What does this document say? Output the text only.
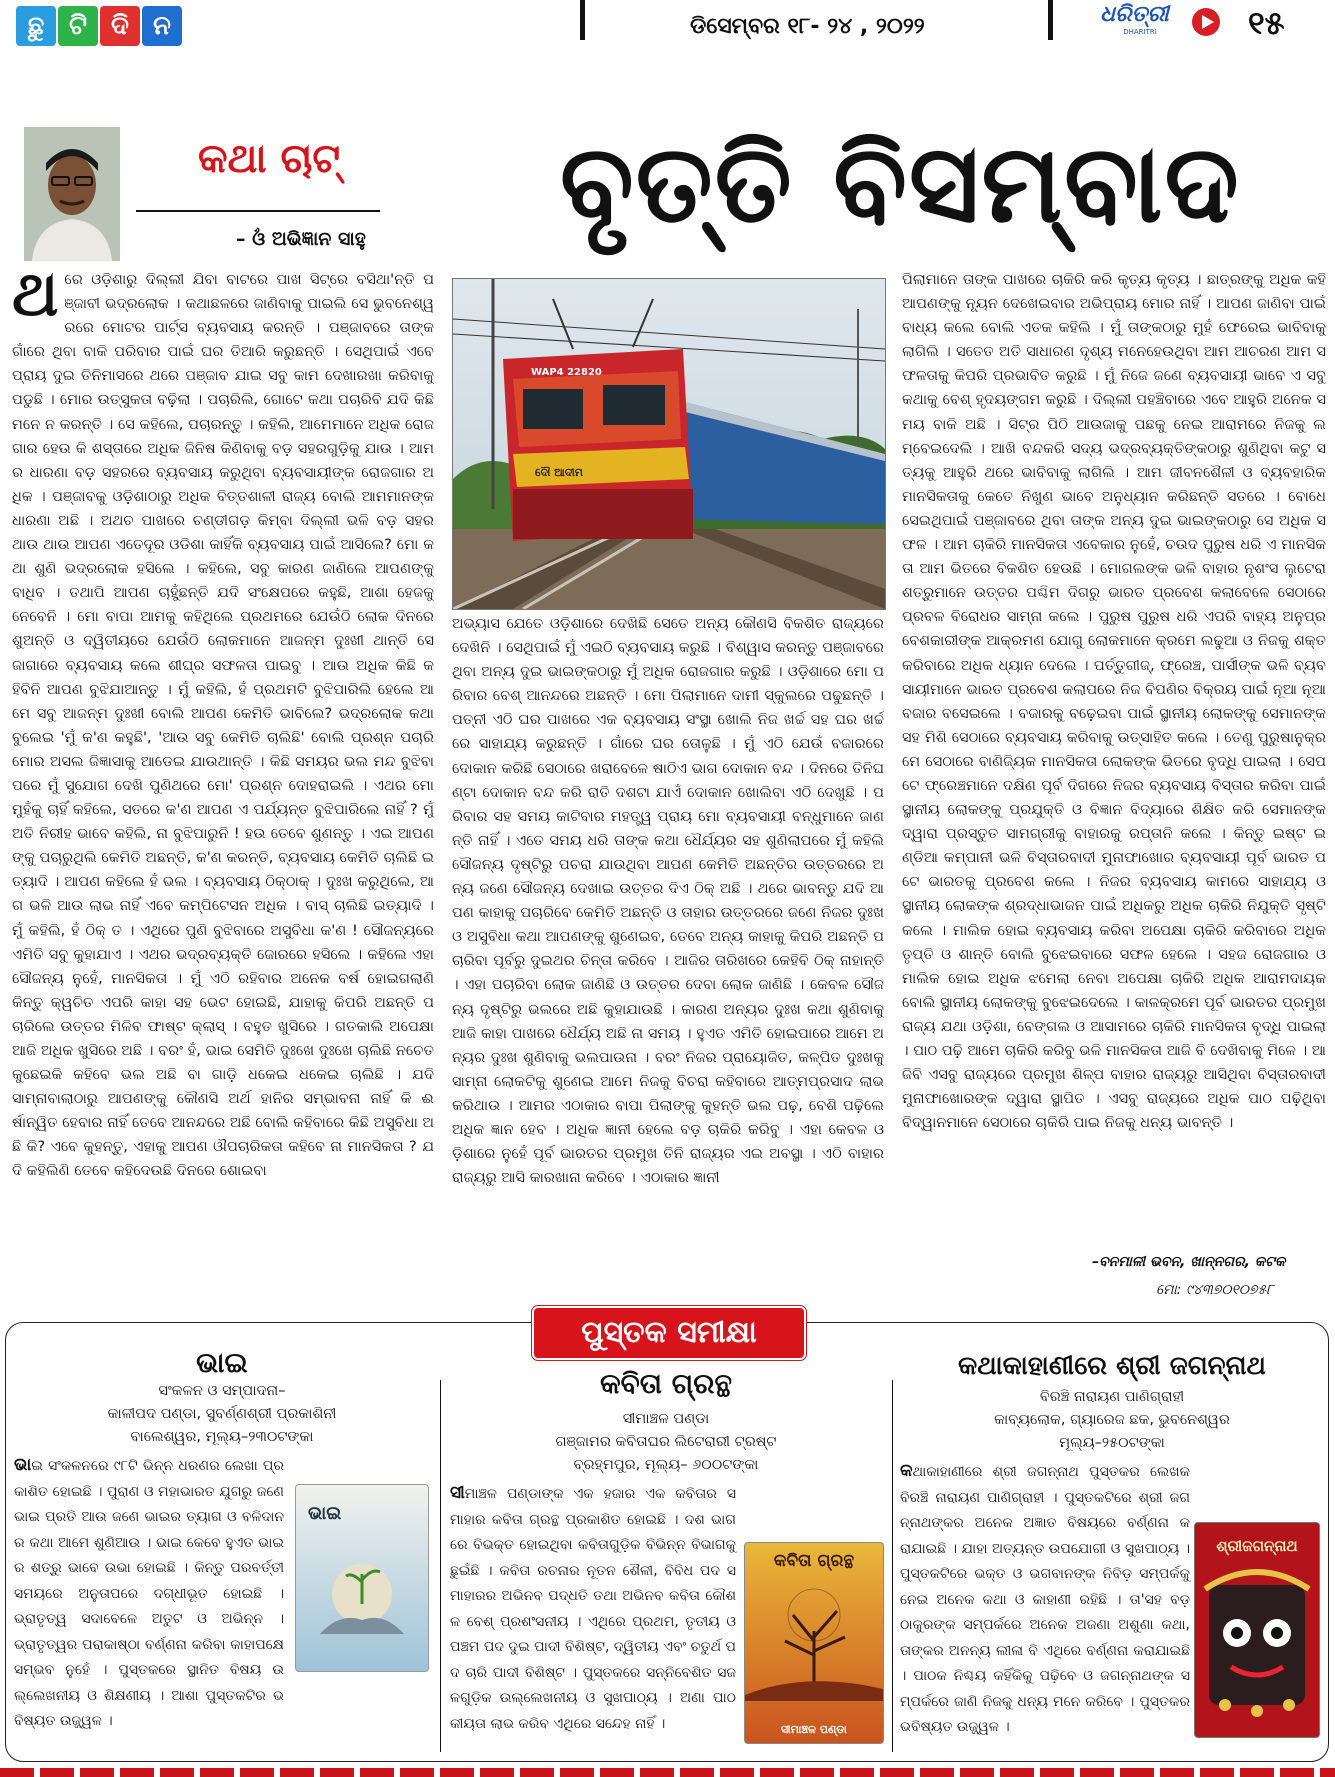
ଛୁ ଟି ଦି ନ	ଡିସେମ୍ବର ୧୮- ୨୪ , ୨୦୨୨	ଧରିତ୍ରୀ
DHARITRI	୧୫
କଥା ଚାଟ୍
– ଓଁ ଅଭିଜ୍ଞାନ ସାହୁ ବୃତ୍ତି ବିସମ୍ବାଦ
WAP4 22820
ଦୌ ଆଦୀମ

ଥରେ ଓଡ଼ିଶାରୁ ଦିଲ୍ଲୀ ଯିବା ବାଟରେ ପାଖ ସିଟ୍‌ରେ ବସିଥା'ନ୍ତି ପଞ୍ଜାବୀ ଭଦ୍ରଲୋକ । କଥାଛଳରେ ଜାଣିବାକୁ ପାଇଲି ସେ ଭୁବନେଶ୍ୱରରେ ମୋଟର ପାର୍ଟ୍ସ ବ୍ୟବସାୟ କରନ୍ତି । ପଞ୍ଜାବରେ ତାଙ୍କ ଗାଁରେ ଥିବା ବାକି ପରିବାର ପାଇଁ ଘର ତିଆରି କରୁଛନ୍ତି । ସେଥିପାଇଁ ଏବେ ପ୍ରାୟ ଦୁଇ ତିନିମାସରେ ଥରେ ପଞ୍ଜାବ ଯାଇ ସବୁ କାମ ଦେଖାରଖା କରିବାକୁ ପଡୁଛି । ମୋର ଉତ୍ସୁକତା ବଢ଼ିଲା । ପଚାରିଲି, ଗୋଟେ କଥା ପଚାରିବି ଯଦି କିଛି ମନେ ନ କରନ୍ତି । ସେ କହିଲେ, ପଚାରନ୍ତୁ । କହିଲି, ଆମେମାନେ ଅଧିକ ରୋଜଗାର ହେଉ କି ଶସ୍ତାରେ ଅଧିକ ଜିନିଷ କିଣିବାକୁ ବଡ଼ ସହରଗୁଡ଼ିକୁ ଯାଉ । ଆମର ଧାରଣା ବଡ଼ ସହରରେ ବ୍ୟବସାୟ କରୁଥିବା ବ୍ୟବସାୟୀଙ୍କ ରୋଜଗାର ଅଧିକ । ପଞ୍ଜାବକୁ ଓଡ଼ିଶାଠାରୁ ଅଧିକ ବିତ୍ତଶାଳୀ ରାଜ୍ୟ ବୋଲି ଆମମାନଙ୍କ ଧାରଣା ଅଛି । ଅଥଚ ପାଖରେ ଚଣ୍ଡୀଗଡ଼ କିମ୍ବା ଦିଲ୍ଲୀ ଭଳି ବଡ଼ ସହର ଥାଉ ଥାଉ ଆପଣ ଏତେଦୂର ଓଡିଶା କାହିଁକି ବ୍ୟବସାୟ ପାଇଁ ଆସିଲେ? ମୋ କଥା ଶୁଣି ଭଦ୍ରଲୋକ ହସିଲେ । କହିଲେ, ସବୁ କାରଣ ଜାଣିଲେ ଆପଣଙ୍କୁ ବାଧିବ । ତଥାପି ଆପଣ ଚାହୁଁଛନ୍ତି ଯଦି ସଂକ୍ଷେପରେ କହୁଛି, ଆଶା ହେଜକୁ ନେବେନି । ମୋ ବାପା ଆମକୁ କହିଥିଲେ ପ୍ରଥମରେ ଯେଉଁଠି ଲୋକ ଦିନରେ ଶୁଅନ୍ତି ଓ ଦ୍ୱିତୀୟରେ ଯେଉଁଠି ଲୋକମାନେ ଆଜନ୍ମ ଦୁଃଖୀ ଥାନ୍ତି ସେ ଜାଗାରେ ବ୍ୟବସାୟ କଲେ ଶୀଘ୍ର ସଫଳତା ପାଇବୁ । ଆଉ ଅଧିକ କିଛି କହିବିନି ଆପଣ ବୁଝିଯାଆନ୍ତୁ । ମୁଁ କହିଲି, ହଁ ପ୍ରଥମଟି ବୁଝିପାରିଲି ହେଲେ ଆମେ ସବୁ ଆଜନ୍ମ ଦୁଃଖୀ ବୋଲି ଆପଣ କେମିତି ଭାବିଲେ? ଭଦ୍ରଲୋକ କଥା ବୁଲେଇ 'ମୁଁ କ'ଣ କହୁଛି', 'ଆଉ ସବୁ କେମିତି ଚାଲିଛି' ବୋଲି ପ୍ରଶ୍ନ ପଚାରି ମୋର ଅସଲ ଜିଜ୍ଞାସାକୁ ଆଡେଇ ଯାଉଥାନ୍ତି । କିଛି ସମୟର ଭଲ ମନ୍ଦ ବୁଝିବା ପରେ ମୁଁ ସୁଯୋଗ ଦେଖି ପୁଣିଥରେ ମୋ' ପ୍ରଶ୍ନ ଦୋହରାଇଲି । ଏଥର ମୋ ମୁହଁକୁ ଚାହିଁ କହିଲେ, ସତରେ କ'ଣ ଆପଣ ଏ ପର୍ଯ୍ୟନ୍ତ ବୁଝିପାରିଲେ ନାହିଁ ? ମୁଁ ଅତି ନିରୀହ ଭାବେ କହିଲି, ନା ବୁଝିପାରୁନି ! ହଉ ତେବେ ଶୁଣନ୍ତୁ । ଏଇ ଆପଣଙ୍କୁ ପଚାରୁଥିଲି କେମିତି ଅଛନ୍ତି, କ'ଣ କରନ୍ତି, ବ୍ୟବସାୟ କେମିତି ଚାଲିଛି ଇତ୍ୟାଦି । ଆପଣ କହିଲେ ହଁ ଭଲ । ବ୍ୟବସାୟ ଠିକ୍‌ଠାକ୍ । ଦୁଃଖ କରୁଥିଲେ, ଆଗ ଭଳି ଆଉ ଲାଭ ନାହିଁ ଏବେ କମ୍ପିଟେସନ ଅଧିକ । ବାସ୍ ଚାଲିଛି ଇତ୍ୟାଦି । ମୁଁ କହିଲି, ହଁ ଠିକ୍ ତ । ଏଥିରେ ପୁଣି ବୁଝିବାରେ ଅସୁବିଧା କ'ଣ ! ସୌଜନ୍ୟରେ ଏମିତି ସବୁ କୁହାଯାଏ । ଏଥର ଭଦ୍ରବ୍ୟକ୍ତି ଜୋରରେ ହସିଲେ । କହିଲେ ଏହା ସୌଜନ୍ୟ ନୁହେଁ, ମାନସିକତା । ମୁଁ ଏଠି ରହିବାର ଅନେକ ବର୍ଷ ହୋଇଗଲାଣି କିନ୍ତୁ କ୍ୱଚିତ ଏପରି କାହା ସହ ଭେଟ ହୋଇଛି, ଯାହାକୁ କିପରି ଅଛନ୍ତି ପଚାରିଲେ ଉତ୍ତର ମିଳିବ ଫାଷ୍ଟ କ୍ଲାସ୍ । ବହୁତ ଖୁସିରେ । ଗତକାଲି ଅପେକ୍ଷା ଆଜି ଅଧିକ ଖୁସିରେ ଅଛି । ବରଂ ହଁ, ଭାଇ ସେମିତି ଦୁଃଖେ ଦୁଃଖେ ଚାଲିଛି ନଚେତ କୁଛେଇକି କହିବେ ଭଲ ଅଛି ବା ଗାଡ଼ି ଧକେଇ ଧକେଇ ଚାଲିଛି । ଯଦି ସାମ୍ନାବାଲାଠାରୁ ଆପଣଙ୍କୁ କୌଣସି ଅର୍ଥ ହାନିର ସମ୍ଭାବନା ନାହିଁ କି ଈର୍ଷାନ୍ୱିତ ହେବାର ନାହିଁ ତେବେ ଆନନ୍ଦରେ ଅଛି ବୋଲି କହିବାରେ କିଛି ଅସୁବିଧା ଅଛି କି? ଏବେ କୁହନ୍ତୁ, ଏହାକୁ ଆପଣ ଔପଚାରିକତା କହିବେ ନା ମାନସିକତା ? ଯଦି କହିଲିଣି ତେବେ କହିଦେଉଛି ଦିନରେ ଶୋଇବା

ଅଭ୍ୟାସ ଯେତେ ଓଡ଼ିଶାରେ ଦେଖିଛି ସେତେ ଅନ୍ୟ କୌଣସି ବିକଶିତ ରାଜ୍ୟରେ ଦେଖିନି । ସେଥିପାଇଁ ମୁଁ ଏଇଠି ବ୍ୟବସାୟ କରୁଛି । ବିଶ୍ୱାସ କରନ୍ତୁ ପଞ୍ଜାବରେ ଥିବା ଅନ୍ୟ ଦୁଇ ଭାଇଙ୍କଠାରୁ ମୁଁ ଅଧିକ ରୋଜଗାର କରୁଛି । ଓଡ଼ିଶାରେ ମୋ ପରିବାର ବେଶ୍ ଆନନ୍ଦରେ ଅଛନ୍ତି । ମୋ ପିଲାମାନେ ଦାମୀ ସ୍କୁଲରେ ପଢୁଛନ୍ତି । ପତ୍ନୀ ଏଠି ଘର ପାଖରେ ଏକ ବ୍ୟବସାୟ ସଂସ୍ଥା ଖୋଲି ନିଜ ଖର୍ଚ୍ଚ ସହ ଘର ଖର୍ଚ୍ଚରେ ସାହାଯ୍ୟ କରୁଛନ୍ତି । ଗାଁରେ ଘର ତୋଳୁଛି । ମୁଁ ଏଠି ଯେଉଁ ବଜାରରେ ଦୋକାନ କରିଛି ସେଠାରେ ଖରାବେଳେ ଷାଠିଏ ଭାଗ ଦୋକାନ ବନ୍ଦ । ଦିନରେ ତିନିଘଣ୍ଟା ଦୋକାନ ବନ୍ଦ କରି ରାତି ଦଶଟା ଯାଏଁ ଦୋକାନ ଖୋଲିବା ଏଠି ଦେଖୁଛି । ପରିବାର ସହ ସମୟ କାଟିବାର ମହତ୍ତ୍ୱ ପ୍ରାୟ ମୋ ବ୍ୟବସାୟୀ ବନ୍ଧୁମାନେ ଜାଣନ୍ତି ନାହିଁ । ଏତେ ସମୟ ଧରି ତାଙ୍କ କଥା ଧୈର୍ଯ୍ୟର ସହ ଶୁଣିଲାପରେ ମୁଁ କହିଲି ସୌଜନ୍ୟ ଦୃଷ୍ଟିରୁ ପଚରା ଯାଉଥିବା ଆପଣ କେମିତି ଅଛନ୍ତିର ଉତ୍ତରରେ ଅନ୍ୟ ଜଣେ ସୌଜନ୍ୟ ଦେଖାଇ ଉତ୍ତର ଦିଏ ଠିକ୍ ଅଛି । ଥରେ ଭାବନ୍ତୁ ଯଦି ଆପଣ କାହାକୁ ପଚାରିବେ କେମିତି ଅଛନ୍ତି ଓ ତାହାର ଉତ୍ତରରେ ଜଣେ ନିଜର ଦୁଃଖ ଓ ଅସୁବିଧା କଥା ଆପଣଙ୍କୁ ଶୁଣେଇବ, ତେବେ ଅନ୍ୟ କାହାକୁ କିପରି ଅଛନ୍ତି ପଚାରିବା ପୂର୍ବରୁ ଦୁଇଥର ଚିନ୍ତା କରିବେ । ଆଜିର ତାରିଖରେ କେହିବି ଠିକ୍ ନାହାନ୍ତି । ଏହା ପଚାରିବା ଲୋକ ଜାଣିଛି ଓ ଉତ୍ତର ଦେବା ଲୋକ ଜାଣିଛି । କେବଳ ସୌଜନ୍ୟ ଦୃଷ୍ଟିରୁ ଭଲରେ ଅଛି କୁହାଯାଉଛି । କାରଣ ଅନ୍ୟର ଦୁଃଖ କଥା ଶୁଣିବାକୁ ଆଜି କାହା ପାଖରେ ଧୈର୍ଯ୍ୟ ଅଛି ନା ସମୟ । ହୁଏତ ଏମିତି ହୋଇପାରେ ଆମେ ଅନ୍ୟର ଦୁଃଖ ଶୁଣିବାକୁ ଭଲପାଉନା । ବରଂ ନିଜର ପ୍ରାୟୋଜିତ, କଳ୍ପିତ ଦୁଃଖକୁ ସାମ୍ନା ଲୋକଟିକୁ ଶୁଣେଇ ଆମେ ନିଜକୁ ବିଚରା କହିବାରେ ଆତ୍ମପ୍ରସାଦ ଲାଭ କରିଥାଉ । ଆମର ଏଠାକାର ବାପା ପିଲାଙ୍କୁ କୁହନ୍ତି ଭଲ ପଢ଼, ବେଶି ପଢ଼ିଲେ ଅଧିକ ଜ୍ଞାନ ହେବ । ଅଧିକ ଜ୍ଞାନୀ ହେଲେ ବଡ଼ ଚାକିରି କରିବୁ । ଏହା କେବଳ ଓଡ଼ିଶାରେ ନୁହେଁ ପୂର୍ବ ଭାରତର ପ୍ରମୁଖ ତିନି ରାଜ୍ୟର ଏଇ ଅବସ୍ଥା । ଏଠି ବାହାର ରାଜ୍ୟରୁ ଆସି କାରଖାନା କରିବେ । ଏଠାକାର ଜ୍ଞାନୀ

ପିଲାମାନେ ତାଙ୍କ ପାଖରେ ଚାକିରି କରି କୃତ୍ୟ କୃତ୍ୟ । ଛାତ୍ରଙ୍କୁ ଅଧିକ କହି ଆପଣଙ୍କୁ ନ୍ୟୂନ ଦେଖେଇବାର ଅଭିପ୍ରାୟ ମୋର ନାହିଁ । ଆପଣ ଜାଣିବା ପାଇଁ ବାଧ୍ୟ କଲେ ବୋଲି ଏତକ କହିଲି । ମୁଁ ତାଙ୍କଠାରୁ ମୁହଁ ଫେରେଇ ଭାବିବାକୁ ଲାଗିଲି । ସତେତ ଅତି ସାଧାରଣ ଦୃଶ୍ୟ ମନେହେଉଥିବା ଆମ ଆଚରଣ ଆମ ସଫଳତାକୁ କିପରି ପ୍ରଭାବିତ କରୁଛି । ମୁଁ ନିଜେ ଜଣେ ବ୍ୟବସାୟୀ ଭାବେ ଏ ସବୁ କଥାକୁ ବେଶ୍ ହୃଦୟଙ୍ଗମ କରୁଛି । ଦିଲ୍ଲୀ ପହଞ୍ଚିବାରେ ଏବେ ଆହୁରି ଅନେକ ସମୟ ବାକି ଅଛି । ସିଟ୍‌ର ପିଠି ଆଉଜାକୁ ପଛକୁ ନେଇ ଆରାମରେ ନିଜକୁ ଲମ୍ବେଇଦେଲି । ଆଖି ବନ୍ଦକରି ସଦ୍ୟ ଭଦ୍ରବ୍ୟକ୍ତିଙ୍କଠାରୁ ଶୁଣିଥିବା କଟୁ ସତ୍ୟକୁ ଆହୁରି ଥରେ ଭାବିବାକୁ ଲାଗିଲି । ଆମ ଜୀବନଶୈଳୀ ଓ ବ୍ୟବହାରିକ ମାନସିକତାକୁ କେତେ ନିଖୁଣ ଭାବେ ଅନୁଧ୍ୟାନ କରିଛନ୍ତି ସତରେ । ବୋଧେ ସେଇଥିପାଇଁ ପଞ୍ଜାବରେ ଥିବା ତାଙ୍କ ଅନ୍ୟ ଦୁଇ ଭାଇଙ୍କଠାରୁ ସେ ଅଧିକ ସଫଳ । ଆମ ଚାକିରି ମାନସିକତା ଏବେକାର ନୁହେଁ, ଚଉଦ ପୁରୁଷ ଧରି ଏ ମାନସିକତା ଆମ ଭିତରେ ବିକଶିତ ହେଉଛି । ମୋଗଲଙ୍କ ଭଳି ବାହାର ନୃଶଂସ ଲୁଟେରା ଶତ୍ରୁମାନେ ଉତ୍ତର ପଶ୍ଚିମ ଦିଗରୁ ଭାରତ ପ୍ରବେଶ କଲାବେଳେ ସେଠାରେ ପ୍ରବଳ ବିରୋଧର ସାମ୍ନା କଲେ । ପୁରୁଷ ପୁରୁଷ ଧରି ଏପରି ବାହ୍ୟ ଅନୁପ୍ରବେଶକାରୀଙ୍କ ଆକ୍ରମଣ ଯୋଗୁ ଲୋକମାନେ କ୍ରମେ ଲଢୁଆ ଓ ନିଜକୁ ଶକ୍ତ କରିବାରେ ଅଧିକ ଧ୍ୟାନ ଦେଲେ । ପର୍ତ୍ତୁଗୀଜ୍, ଫ୍ରେଞ୍ଚ, ପାର୍ସୀଙ୍କ ଭଳି ବ୍ୟବସାୟୀମାନେ ଭାରତ ପ୍ରବେଶ କଲାପରେ ନିଜ ବିପଣିର ବିକ୍ରୟ ପାଇଁ ନୂଆ ନୂଆ ବଜାର ବସେଇଲେ । ବଜାରକୁ ବଢ଼େଇବା ପାଇଁ ସ୍ଥାନୀୟ ଲୋକଙ୍କୁ ସେମାନଙ୍କ ସହ ମିଶି ସେଠାରେ ବ୍ୟବସାୟ କରିବାକୁ ଉତ୍ସାହିତ କଲେ । ତେଣୁ ପୁରୁଷାନୁକ୍ରମେ ସେଠାରେ ବାଣିଜ୍ୟିକ ମାନସିକତା ଲୋକଙ୍କ ଭିତରେ ବୃଦ୍ଧି ପାଇଲା । ସେପଟେ ଫ୍ରେଞ୍ଚମାନେ ଦକ୍ଷିଣ ପୂର୍ବ ଦିଗରେ ନିଜର ବ୍ୟବସାୟ ବିସ୍ତାର କରିବା ପାଇଁ ସ୍ଥାନୀୟ ଲୋକଙ୍କୁ ପ୍ରଯୁକ୍ତି ଓ ବିଜ୍ଞାନ ବିଦ୍ୟାରେ ଶିକ୍ଷିତ କରି ସେମାନଙ୍କ ଦ୍ୱାରା ପ୍ରସ୍ତୁତ ସାମଗ୍ରୀକୁ ବାହାରକୁ ରପ୍ତାନି କଲେ । କିନ୍ତୁ ଇଷ୍ଟ ଇଣ୍ଡିଆ କମ୍ପାନୀ ଭଳି ବିସ୍ତାରବାଦୀ ମୁନାଫାଖୋର ବ୍ୟବସାୟୀ ପୂର୍ବ ଭାରତ ପଟେ ଭାରତକୁ ପ୍ରବେଶ କଲେ । ନିଜର ବ୍ୟବସାୟ କାମରେ ସାହାଯ୍ୟ ଓ ସ୍ଥାନୀୟ ଲୋକଙ୍କ ଶ୍ରଦ୍ଧାଭାଜନ ପାଇଁ ଅଧିକରୁ ଅଧିକ ଚାକିରି ନିଯୁକ୍ତି ସୃଷ୍ଟି କଲେ । ମାଲିକ ହୋଇ ବ୍ୟବସାୟ କରିବା ଅପେକ୍ଷା ଚାକିରି କରିବାରେ ଅଧିକ ତୃପ୍ତି ଓ ଶାନ୍ତି ବୋଲି ବୁଝେଇବାରେ ସଫଳ ହେଲେ । ସହଜ ରୋଜଗାର ଓ ମାଲିକ ହୋଇ ଅଧିକ ଝମେଲା ନେବା ଅପେକ୍ଷା ଚାକିରି ଅଧିକ ଆରାମଦାୟକ ବୋଲି ସ୍ଥାନୀୟ ଲୋକଙ୍କୁ ବୁଝେଇଦେଲେ । କାଳକ୍ରମେ ପୂର୍ବ ଭାରତର ପ୍ରମୁଖ ରାଜ୍ୟ ଯଥା ଓଡ଼ିଶା, ବେଙ୍ଗଲ ଓ ଆସାମରେ ଚାକିରି ମାନସିକତା ବୃଦ୍ଧି ପାଇଲା । ପାଠ ପଢ଼ି ଆମେ ଚାକିରି କରିବୁ ଭଳି ମାନସିକତା ଆଜି ବି ଦେଖିବାକୁ ମିଳେ । ଆଜିବି ଏସବୁ ରାଜ୍ୟରେ ପ୍ରମୁଖ ଶିଳ୍ପ ବାହାର ରାଜ୍ୟରୁ ଆସିଥିବା ବିସ୍ତାରବାଦୀ ମୁନାଫାଖୋରଙ୍କ ଦ୍ୱାରା ସ୍ଥାପିତ । ଏସବୁ ରାଜ୍ୟରେ ଅଧିକ ପାଠ ପଢ଼ିଥିବା ବିଦ୍ୱାନମାନେ ସେଠାରେ ଚାକିରି ପାଇ ନିଜକୁ ଧନ୍ୟ ଭାବନ୍ତି ।

–ବନମାଳୀ ଭବନ, ଖାନ୍‌ନଗର, କଟକ
ମୋ: ୯୪୩୭୦୧୦୭୫୮
ପୁସ୍ତକ ସମୀକ୍ଷା

ଭାଇ

ସଂକଳନ ଓ ସମ୍ପାଦନା–

କାଳୀପଦ ପଣ୍ଡା, ସୁବର୍ଣ୍ଣଶ୍ରୀ ପ୍ରକାଶିନୀ

ବାଲେଶ୍ୱର, ମୂଲ୍ୟ–୨୩୦ଟଙ୍କା

ଭାଇ ସଂକଳନରେ ୯୮ଟି ଭିନ୍ନ ଧରଣର ଲେଖା ପ୍ରକାଶିତ ହୋଇଛି । ପୁରାଣ ଓ ମହାଭାରତ ଯୁଗରୁ ଜଣେ ଭାଇ ପ୍ରତି ଆଉ ଜଣେ ଭାଇର ତ୍ୟାଗ ଓ ବଳିଦାନର କଥା ଆମେ ଶୁଣିଆଉ । ଭାଇ କେବେ ହୁଏତ ଭାଇର ଶତ୍ରୁ ଭାବେ ଉଭା ହୋଇଛି । କିନ୍ତୁ ପରବର୍ତ୍ତୀ ସମୟରେ ଅନୁତାପରେ ଦଗ୍ଧୀଭୂତ ହୋଇଛି । ଭ୍ରାତୃତ୍ୱ ସଦାବେଳେ ଅତୁଟ ଓ ଅଭିନ୍ନ । ଭ୍ରାତୃତ୍ୱର ପରାକାଷ୍ଠା ବର୍ଣ୍ଣନା କରିବା କାହାପକ୍ଷେ ସମ୍ଭବ ନୁହେଁ । ପୁସ୍ତକରେ ସ୍ଥାନିତ ବିଷୟ ଉଲ୍ଲେଖନୀୟ ଓ ଶିକ୍ଷଣୀୟ । ଆଶା ପୁସ୍ତକଟିର ଭବିଷ୍ୟତ ଉଜ୍ଜ୍ୱଳ ।

ଭାଇ

କବିତା ଗ୍ରନ୍ଥ

ସୀମାଞ୍ଚଳ ପଣ୍ଡା

ଗଞ୍ଜାମର କବିତାଘର ଲିଟେରାରୀ ଟ୍ରଷ୍ଟ

ବ୍ରହ୍ମପୁର, ମୂଲ୍ୟ– ୬୦୦ଟଙ୍କା

ସୀମାଞ୍ଚଳ ପଣ୍ଡାଙ୍କ ଏକ ହଜାର ଏକ କବିତାର ସମାହାର କବିତା ଗ୍ରନ୍ଥ ପ୍ରକାଶିତ ହୋଇଛି । ଦଶ ଭାଗରେ ବିଭକ୍ତ ହୋଇଥିବା କବିତାଗୁଡ଼ିକ ବିଭିନ୍ନ ବିଭାଗକୁ ଛୁଇଁଛି । କବିତା ରଚନାର ନୂତନ ଶୈଳୀ, ବିବିଧ ପଦ ସମାହାରର ଅଭିନବ ପଦ୍ଧତି ତଥା ଅଭିନବ କବିତା କୌଶଳ ବେଶ୍ ପ୍ରଶଂସନୀୟ । ଏଥିରେ ପ୍ରଥମ, ତୃତୀୟ ଓ ପଞ୍ଚମ ପଦ ଦୁଇ ପାଦୀ ବିଶିଷ୍ଟ, ଦ୍ୱିତୀୟ ଏବଂ ଚତୁର୍ଥ ପଦ ଚାରି ପାଦୀ ବିଶିଷ୍ଟ । ପୁସ୍ତକରେ ସନ୍ନିବେଶିତ ସଜଳଗୁଡ଼ିକ ଉଲ୍ଲେଖନୀୟ ଓ ସୁଖପାଠ୍ୟ । ଅଣା ପାଠକୀୟତା ଲାଭ କରିବ ଏଥିରେ ସନ୍ଦେହ ନାହିଁ ।

କବିତା ଗ୍ରନ୍ଥ
ସୀମାଞ୍ଚଳ ପଣ୍ଡା

କଥାକାହାଣୀରେ ଶ୍ରୀ ଜଗନ୍ନାଥ

ବିରଞ୍ଚି ନାରାୟଣ ପାଣିଗ୍ରାହୀ

କାବ୍ୟଲୋକ, ଗ୍ୟାରେଜ ଛକ, ଭୁବନେଶ୍ୱର

ମୂଲ୍ୟ–୨୫୦ଟଙ୍କା

କଥାକାହାଣୀରେ ଶ୍ରୀ ଜଗନ୍ନାଥ ପୁସ୍ତକର ଲେଖକ ବିରଞ୍ଚି ନାରାୟଣ ପାଣିଗ୍ରାହୀ । ପୁସ୍ତକଟିରେ ଶ୍ରୀ ଜଗନ୍ନାଥଙ୍କର ଅନେକ ଅଜ୍ଞାତ ବିଷୟରେ ବର୍ଣ୍ଣନା କରାଯାଇଛି । ଯାହା ଅତ୍ୟନ୍ତ ଉପଯୋଗୀ ଓ ସୁଖପାଠ୍ୟ । ପୁସ୍ତକଟିରେ ଭକ୍ତ ଓ ଭଗବାନଙ୍କ ନିବିଡ଼ ସମ୍ପର୍କକୁ ନେଇ ଅନେକ କଥା ଓ କାହାଣୀ ରହିଛି । ତା'ସହ ବଡ଼ ଠାକୁରଙ୍କ ସମ୍ପର୍କରେ ଅନେକ ଅଜଣା ଅଶୁଣା କଥା, ତାଙ୍କର ଅନନ୍ୟ ଲୀଳା ବି ଏଥିରେ ବର୍ଣ୍ଣନା କରାଯାଇଛି । ପାଠକ ନିଶ୍ଚୟ କହିଁକିକୁ ପଢ଼ିବେ ଓ ଜଗନ୍ନାଥଙ୍କ ସମ୍ପର୍କରେ ଜାଣି ନିଜକୁ ଧନ୍ୟ ମନେ କରିବେ । ପୁସ୍ତକର ଭବିଷ୍ୟତ ଉଜ୍ଜ୍ୱଳ ।

ଶ୍ରୀଜଗନ୍ନାଥ
